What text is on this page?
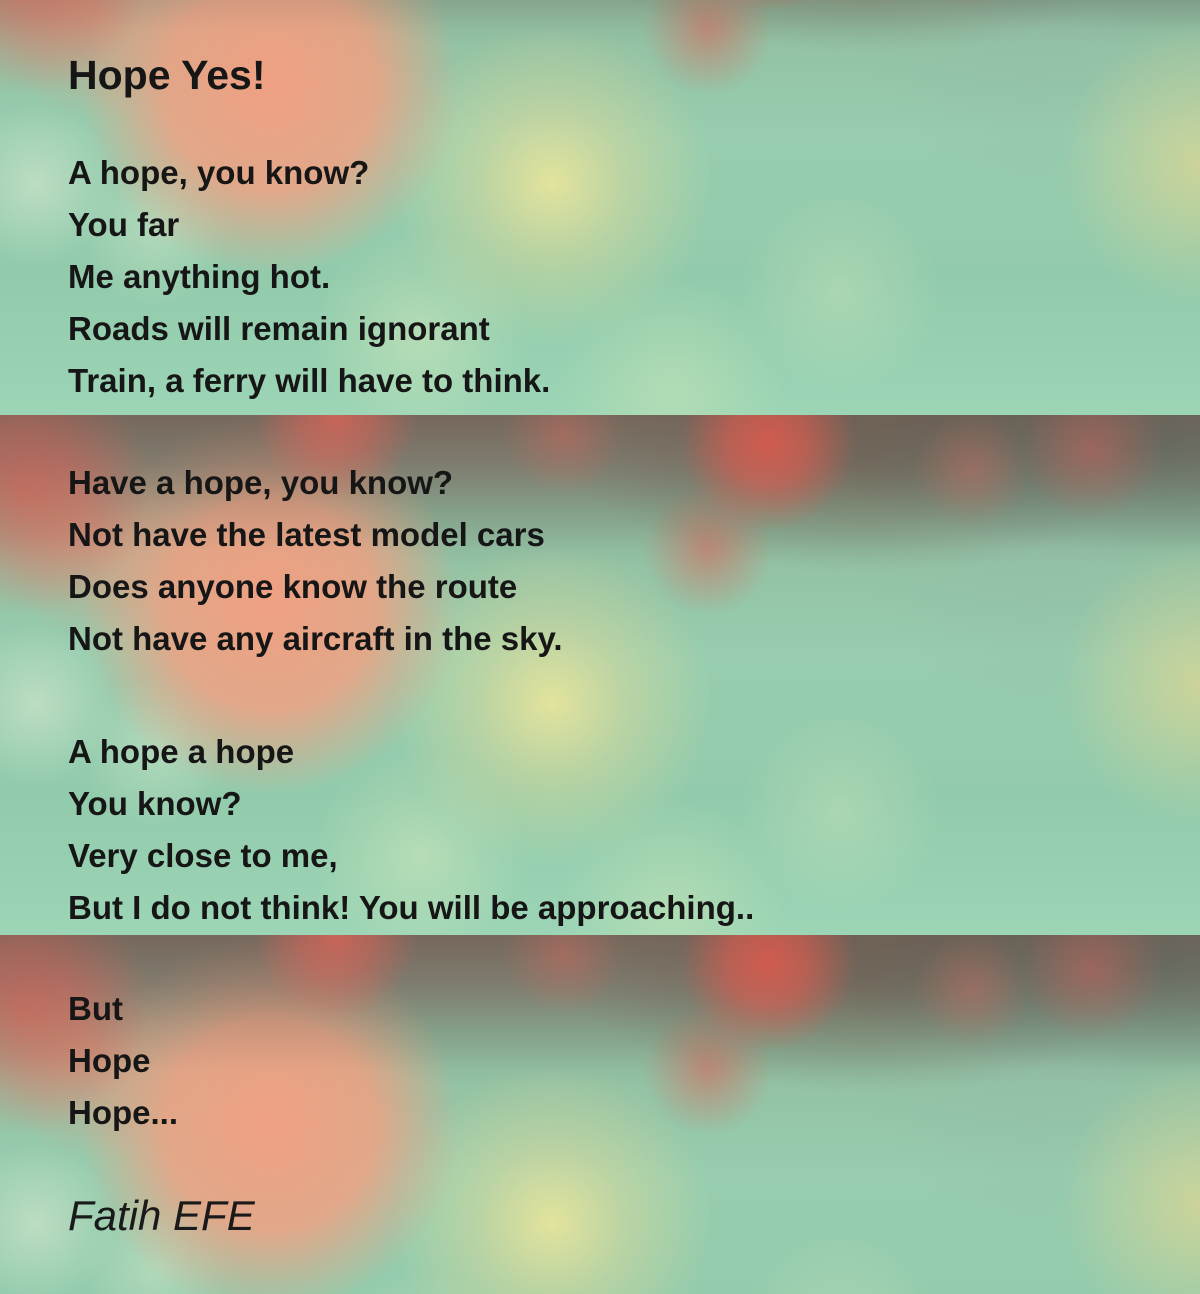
Hope Yes!
A hope, you know?
You far
Me anything hot.
Roads will remain ignorant
Train, a ferry will have to think.
Have a hope, you know?
Not have the latest model cars
Does anyone know the route
Not have any aircraft in the sky.
A hope a hope
You know?
Very close to me,
But I do not think! You will be approaching..
But
Hope
Hope...
Fatih EFE
